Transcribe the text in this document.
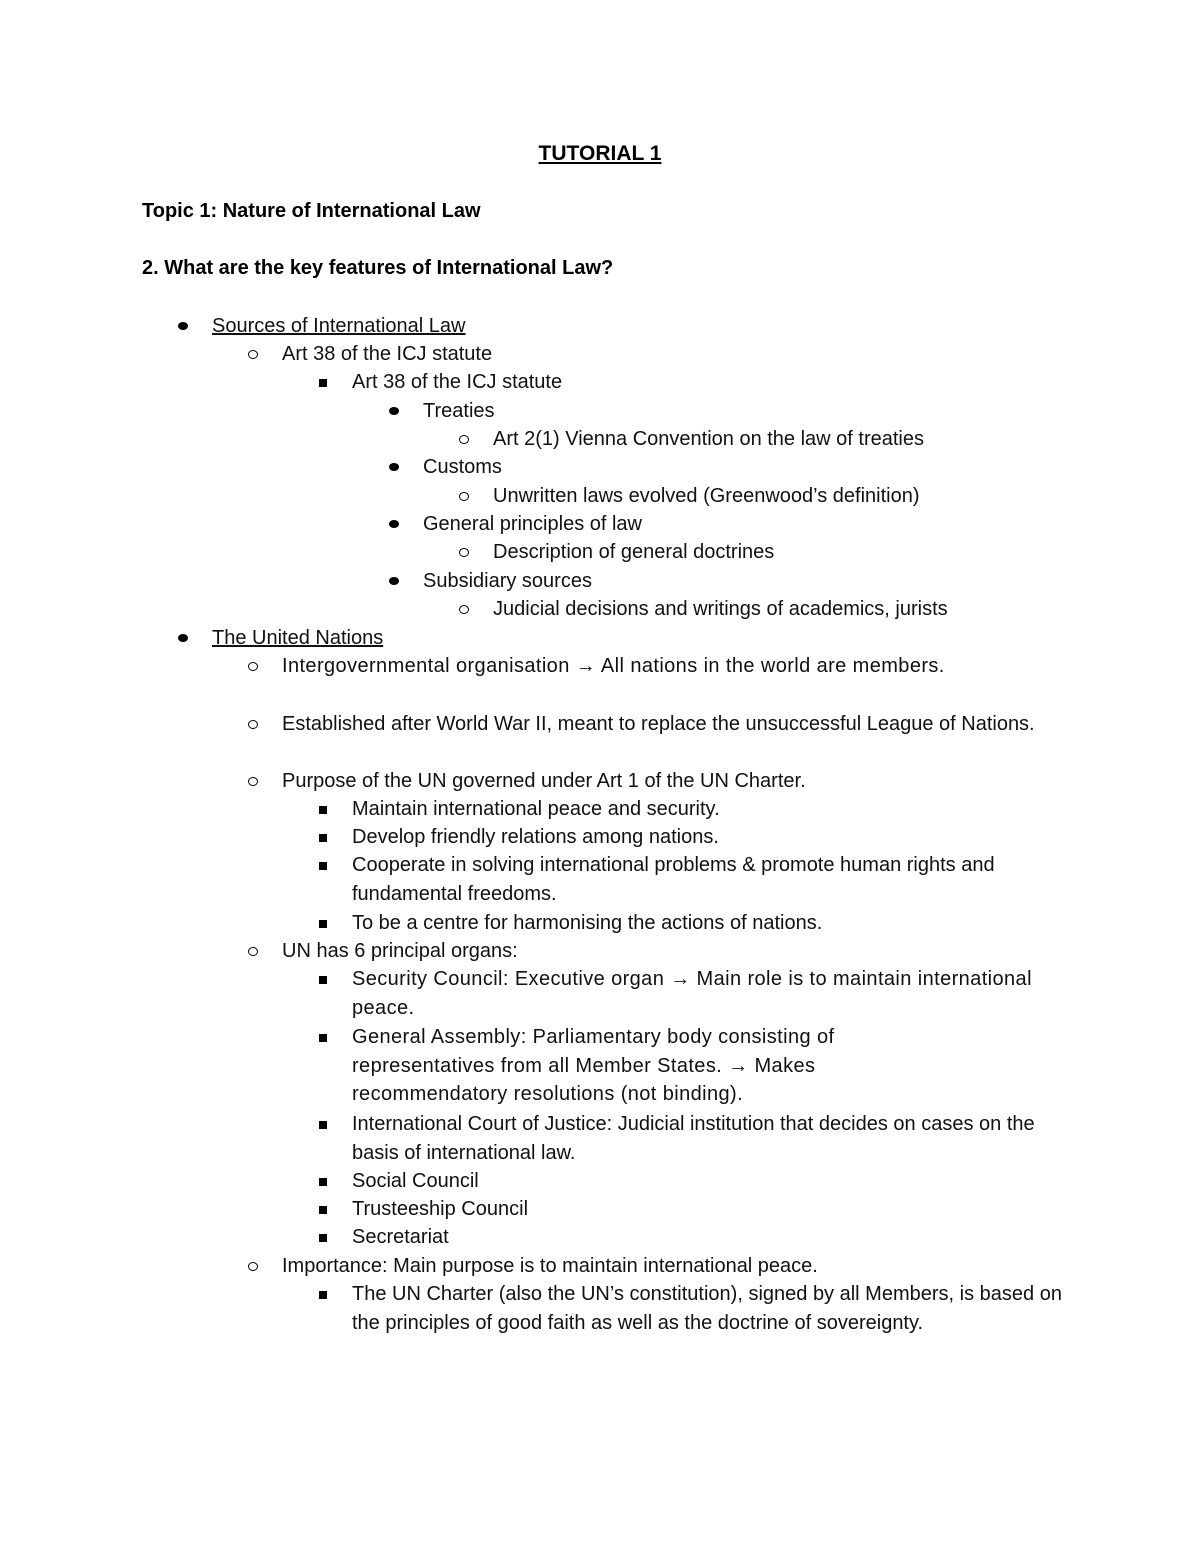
TUTORIAL 1
Topic 1: Nature of International Law
2. What are the key features of International Law?
Sources of International Law
Art 38 of the ICJ statute
Art 38 of the ICJ statute
Treaties
Art 2(1) Vienna Convention on the law of treaties
Customs
Unwritten laws evolved (Greenwood’s definition)
General principles of law
Description of general doctrines
Subsidiary sources
Judicial decisions and writings of academics, jurists
The United Nations
Intergovernmental organisation → All nations in the world are members.
Established after World War II, meant to replace the unsuccessful League of Nations.
Purpose of the UN governed under Art 1 of the UN Charter.
Maintain international peace and security.
Develop friendly relations among nations.
Cooperate in solving international problems & promote human rights and fundamental freedoms.
To be a centre for harmonising the actions of nations.
UN has 6 principal organs:
Security Council: Executive organ → Main role is to maintain international peace.
General Assembly: Parliamentary body consisting of representatives from all Member States. → Makes recommendatory resolutions (not binding).
International Court of Justice: Judicial institution that decides on cases on the basis of international law.
Social Council
Trusteeship Council
Secretariat
Importance: Main purpose is to maintain international peace.
The UN Charter (also the UN’s constitution), signed by all Members, is based on the principles of good faith as well as the doctrine of sovereignty.
